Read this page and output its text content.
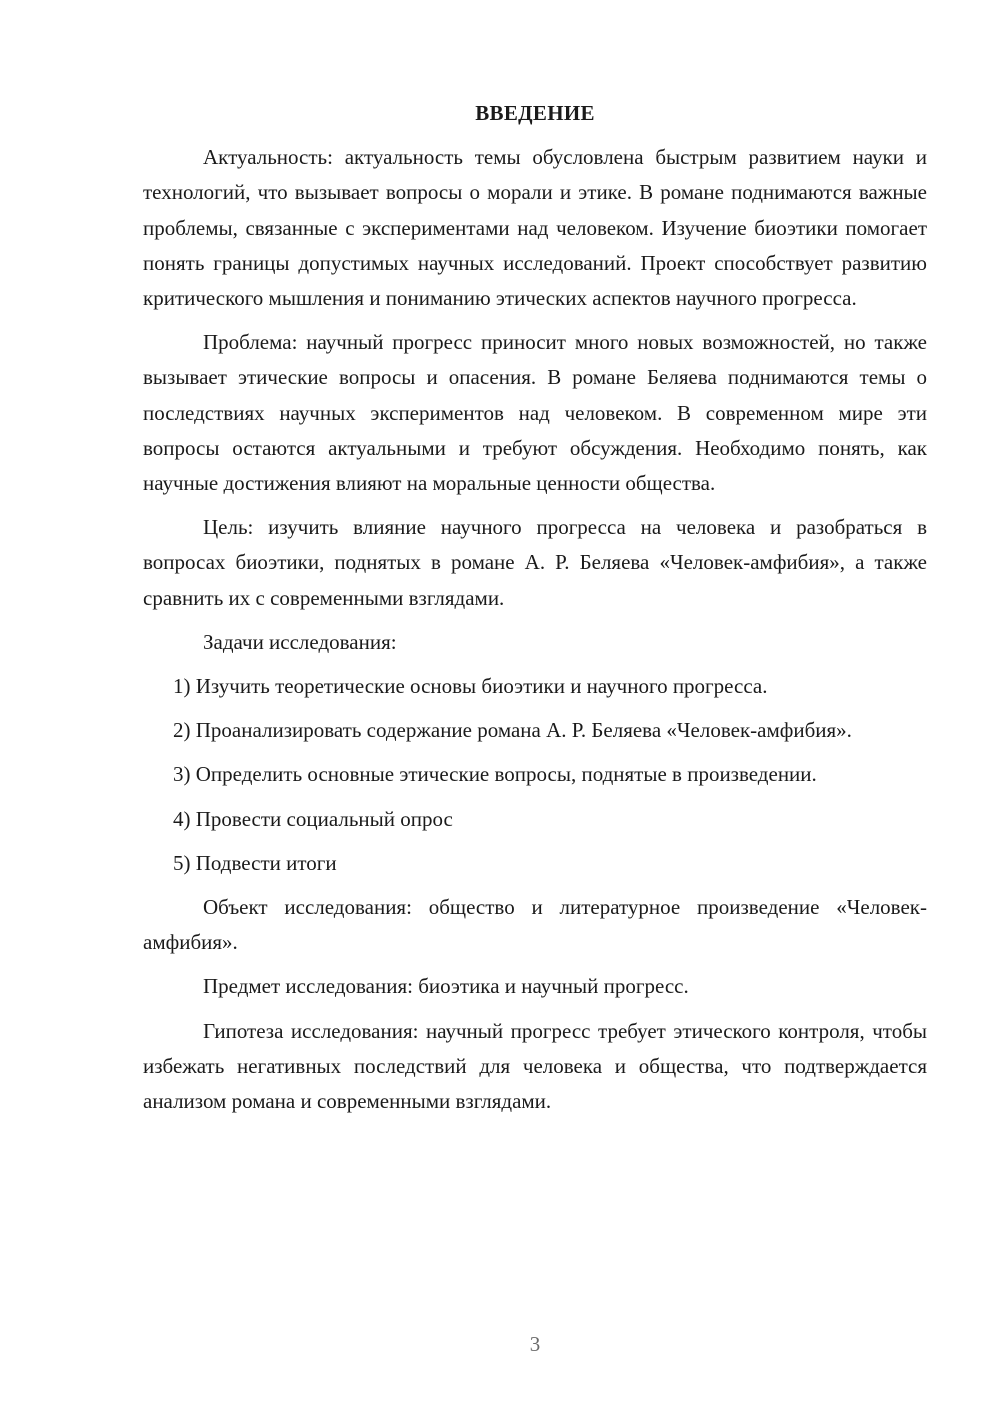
ВВЕДЕНИЕ

Актуальность: актуальность темы обусловлена быстрым развитием науки и технологий, что вызывает вопросы о морали и этике. В романе поднимаются важные проблемы, связанные с экспериментами над человеком. Изучение биоэтики помогает понять границы допустимых научных исследований. Проект способствует развитию критического мышления и пониманию этических аспектов научного прогресса.

Проблема: научный прогресс приносит много новых возможностей, но также вызывает этические вопросы и опасения. В романе Беляева поднимаются темы о последствиях научных экспериментов над человеком. В современном мире эти вопросы остаются актуальными и требуют обсуждения. Необходимо понять, как научные достижения влияют на моральные ценности общества.

Цель: изучить влияние научного прогресса на человека и разобраться в вопросах биоэтики, поднятых в романе А. Р. Беляева «Человек-амфибия», а также сравнить их с современными взглядами.

Задачи исследования:

1) Изучить теоретические основы биоэтики и научного прогресса.

2) Проанализировать содержание романа А. Р. Беляева «Человек-амфибия».

3) Определить основные этические вопросы, поднятые в произведении.

4) Провести социальный опрос

5) Подвести итоги

Объект исследования: общество и литературное произведение «Человек-амфибия».

Предмет исследования: биоэтика и научный прогресс.

Гипотеза исследования: научный прогресс требует этического контроля, чтобы избежать негативных последствий для человека и общества, что подтверждается анализом романа и современными взглядами.

3
